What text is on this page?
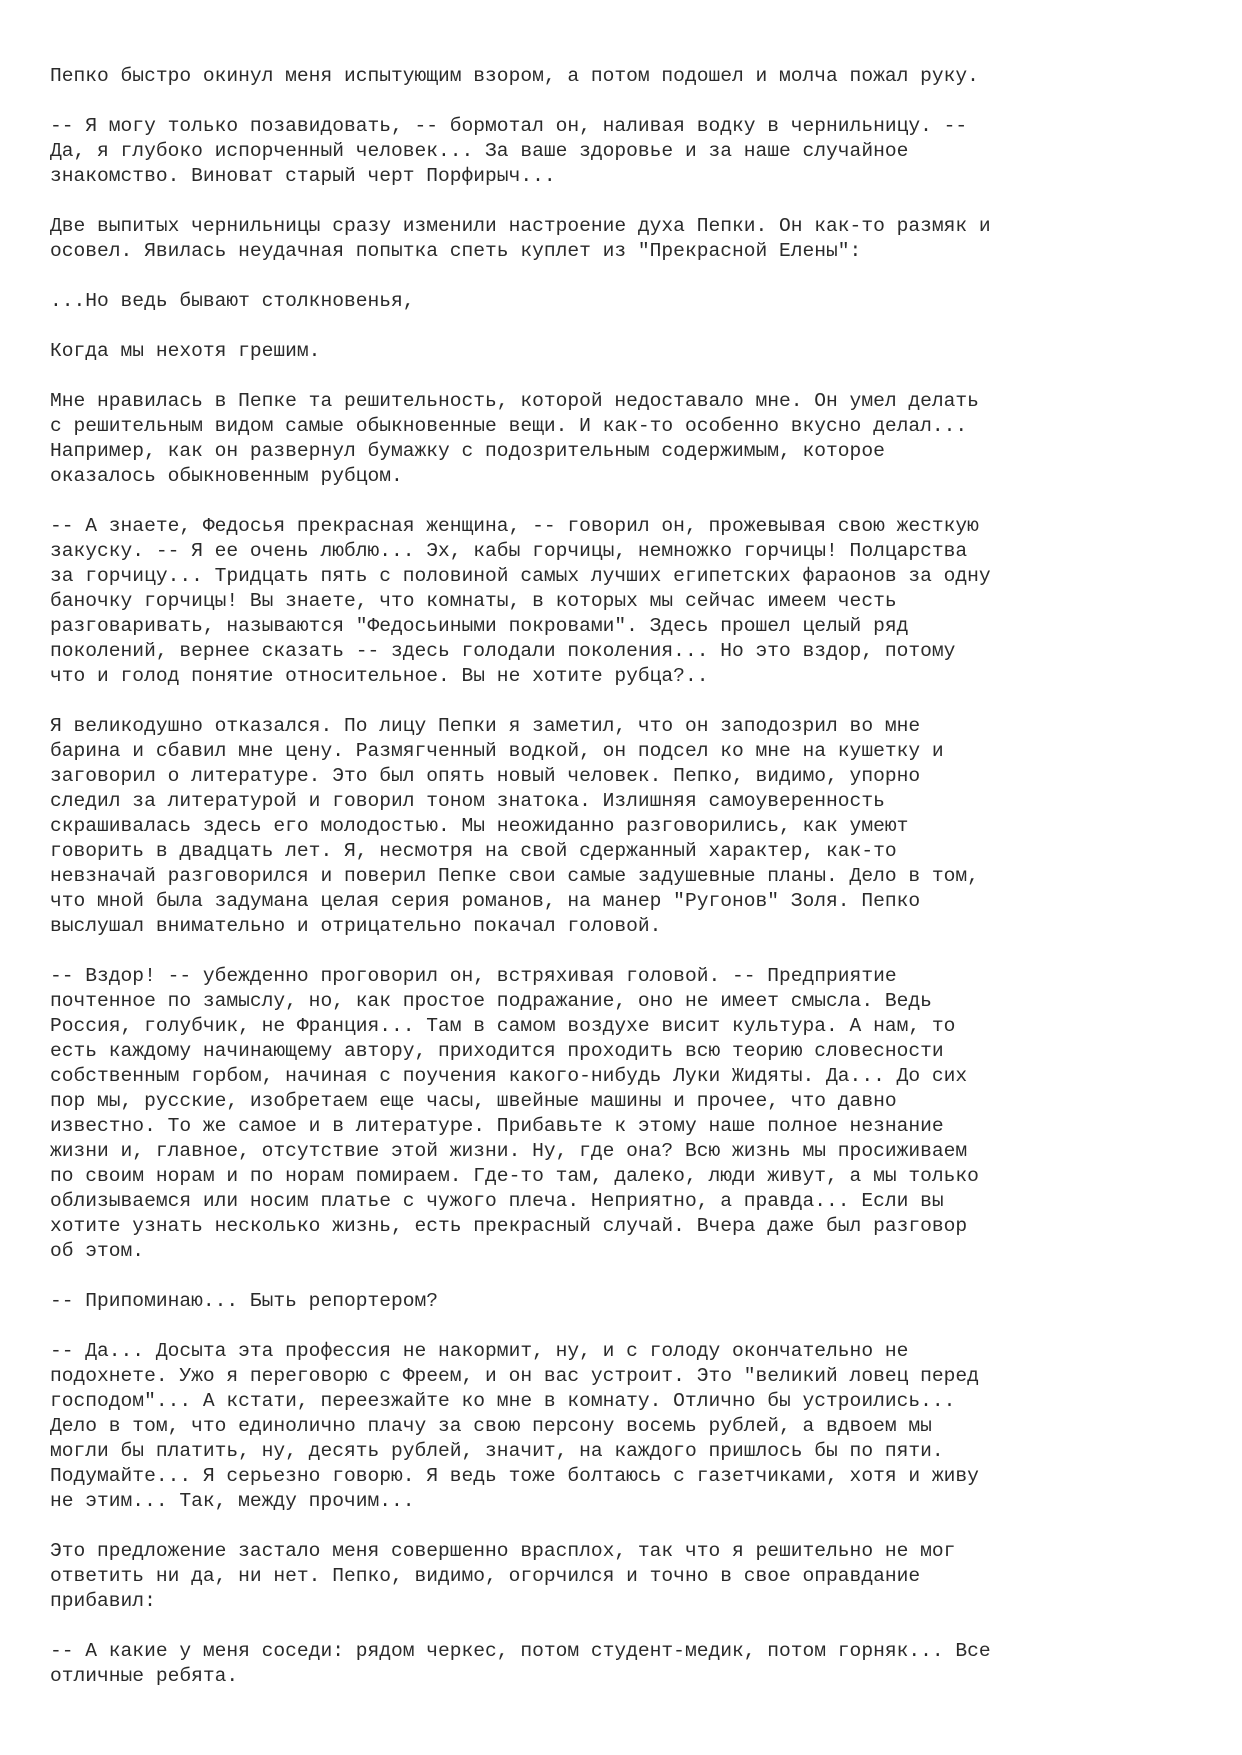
Пепко быстро окинул меня испытующим взором, а потом подошел и молча пожал руку.
-- Я могу только позавидовать, -- бормотал он, наливая водку в чернильницу. --
Да, я глубоко испорченный человек... За ваше здоровье и за наше случайное
знакомство. Виноват старый черт Порфирыч...
Две выпитых чернильницы сразу изменили настроение духа Пепки. Он как-то размяк и
осовел. Явилась неудачная попытка спеть куплет из "Прекрасной Елены":
...Но ведь бывают столкновенья,
Когда мы нехотя грешим.
Мне нравилась в Пепке та решительность, которой недоставало мне. Он умел делать
с решительным видом самые обыкновенные вещи. И как-то особенно вкусно делал...
Например, как он развернул бумажку с подозрительным содержимым, которое
оказалось обыкновенным рубцом.
-- А знаете, Федосья прекрасная женщина, -- говорил он, прожевывая свою жесткую
закуску. -- Я ее очень люблю... Эх, кабы горчицы, немножко горчицы! Полцарства
за горчицу... Тридцать пять с половиной самых лучших египетских фараонов за одну
баночку горчицы! Вы знаете, что комнаты, в которых мы сейчас имеем честь
разговаривать, называются "Федосьиными покровами". Здесь прошел целый ряд
поколений, вернее сказать -- здесь голодали поколения... Но это вздор, потому
что и голод понятие относительное. Вы не хотите рубца?..
Я великодушно отказался. По лицу Пепки я заметил, что он заподозрил во мне
барина и сбавил мне цену. Размягченный водкой, он подсел ко мне на кушетку и
заговорил о литературе. Это был опять новый человек. Пепко, видимо, упорно
следил за литературой и говорил тоном знатока. Излишняя самоуверенность
скрашивалась здесь его молодостью. Мы неожиданно разговорились, как умеют
говорить в двадцать лет. Я, несмотря на свой сдержанный характер, как-то
невзначай разговорился и поверил Пепке свои самые задушевные планы. Дело в том,
что мной была задумана целая серия романов, на манер "Ругонов" Золя. Пепко
выслушал внимательно и отрицательно покачал головой.
-- Вздор! -- убежденно проговорил он, встряхивая головой. -- Предприятие
почтенное по замыслу, но, как простое подражание, оно не имеет смысла. Ведь
Россия, голубчик, не Франция... Там в самом воздухе висит культура. А нам, то
есть каждому начинающему автору, приходится проходить всю теорию словесности
собственным горбом, начиная с поучения какого-нибудь Луки Жидяты. Да... До сих
пор мы, русские, изобретаем еще часы, швейные машины и прочее, что давно
известно. То же самое и в литературе. Прибавьте к этому наше полное незнание
жизни и, главное, отсутствие этой жизни. Ну, где она? Всю жизнь мы просиживаем
по своим норам и по норам помираем. Где-то там, далеко, люди живут, а мы только
облизываемся или носим платье с чужого плеча. Неприятно, а правда... Если вы
хотите узнать несколько жизнь, есть прекрасный случай. Вчера даже был разговор
об этом.
-- Припоминаю... Быть репортером?
-- Да... Досыта эта профессия не накормит, ну, и с голоду окончательно не
подохнете. Ужо я переговорю с Фреем, и он вас устроит. Это "великий ловец перед
господом"... А кстати, переезжайте ко мне в комнату. Отлично бы устроились...
Дело в том, что единолично плачу за свою персону восемь рублей, а вдвоем мы
могли бы платить, ну, десять рублей, значит, на каждого пришлось бы по пяти.
Подумайте... Я серьезно говорю. Я ведь тоже болтаюсь с газетчиками, хотя и живу
не этим... Так, между прочим...
Это предложение застало меня совершенно врасплох, так что я решительно не мог
ответить ни да, ни нет. Пепко, видимо, огорчился и точно в свое оправдание
прибавил:
-- А какие у меня соседи: рядом черкес, потом студент-медик, потом горняк... Все
отличные ребята.
